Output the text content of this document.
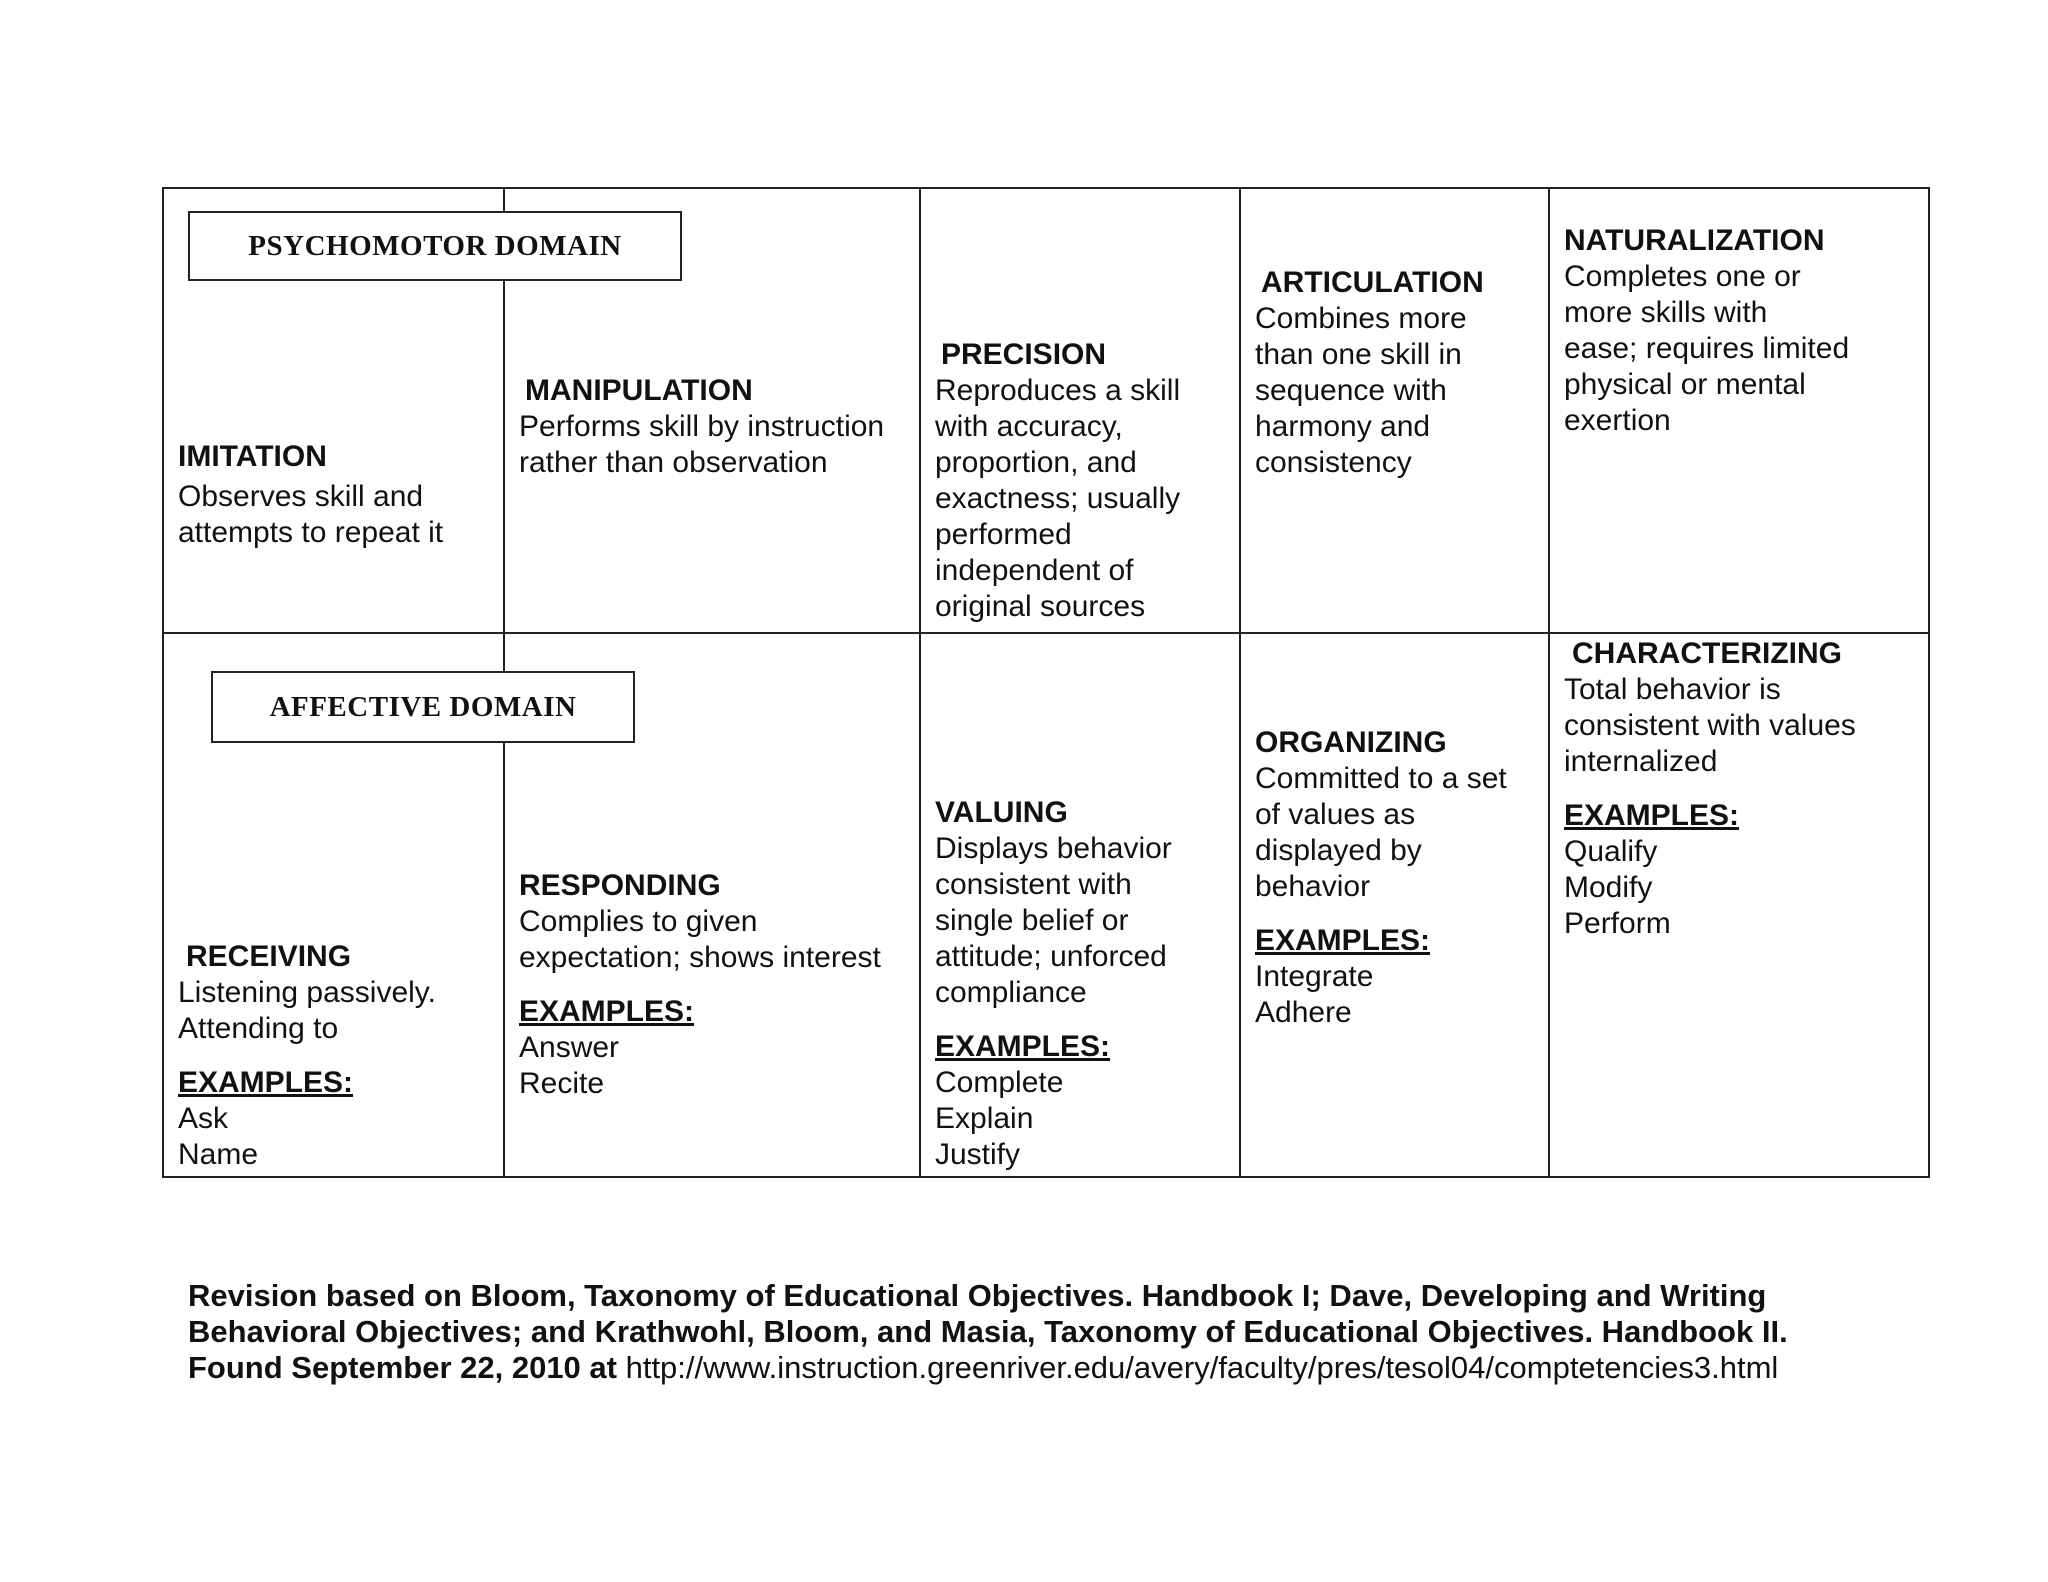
IMITATION
Observes skill and
attempts to repeat it
MANIPULATION
Performs skill by instruction
rather than observation
PRECISION
Reproduces a skill
with accuracy,
proportion, and
exactness; usually
performed
independent of
original sources
ARTICULATION
Combines more
than one skill in
sequence with
harmony and
consistency
NATURALIZATION
Completes one or
more skills with
ease; requires limited
physical or mental
exertion
RECEIVING
Listening passively.
Attending to
EXAMPLES:
Ask
Name
RESPONDING
Complies to given
expectation; shows interest
EXAMPLES:
Answer
Recite
VALUING
Displays behavior
consistent with
single belief or
attitude; unforced
compliance
EXAMPLES:
Complete
Explain
Justify
ORGANIZING
Committed to a set
of values as
displayed by
behavior
EXAMPLES:
Integrate
Adhere
CHARACTERIZING
Total behavior is
consistent with values
internalized
EXAMPLES:
Qualify
Modify
Perform
PSYCHOMOTOR DOMAIN
AFFECTIVE DOMAIN
Revision based on Bloom, Taxonomy of Educational Objectives. Handbook I; Dave, Developing and Writing
Behavioral Objectives; and Krathwohl, Bloom, and Masia, Taxonomy of Educational Objectives. Handbook II.
Found September 22, 2010 at http://www.instruction.greenriver.edu/avery/faculty/pres/tesol04/comptetencies3.html
